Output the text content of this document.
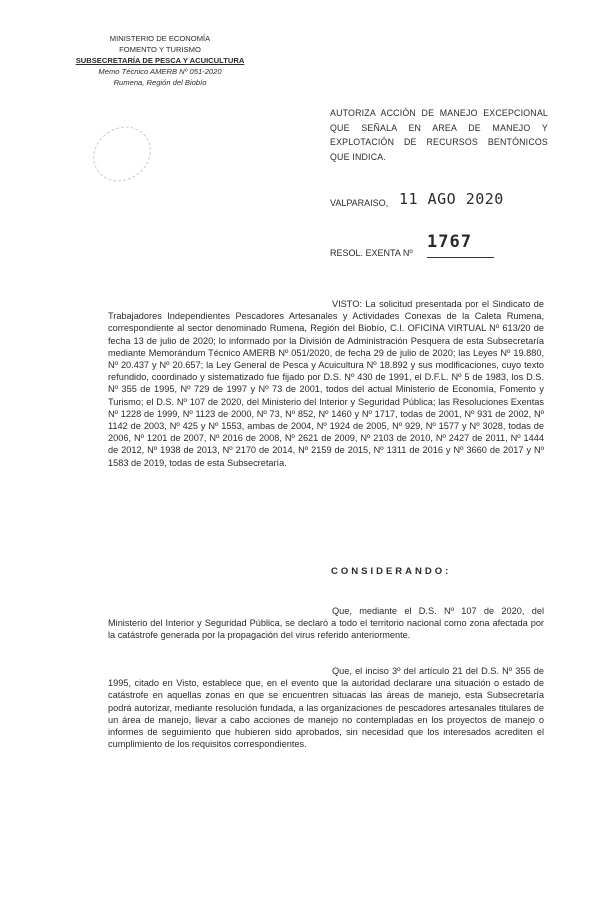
MINISTERIO DE ECONOMÍA
FOMENTO Y TURISMO
SUBSECRETARÍA DE PESCA Y ACUICULTURA
Memo Técnico AMERB Nº 051-2020
Rumena, Región del Biobío
AUTORIZA ACCIÓN DE MANEJO EXCEPCIONAL QUE SEÑALA EN AREA DE MANEJO Y EXPLOTACIÓN DE RECURSOS BENTÓNICOS QUE INDICA.
VALPARAISO, 11 AGO 2020
1767
RESOL. EXENTA Nº

VISTO: La solicitud presentada por el Sindicato de Trabajadores Independientes Pescadores Artesanales y Actividades Conexas de la Caleta Rumena, correspondiente al sector denominado Rumena, Región del Biobío, C.I. OFICINA VIRTUAL Nº 613/20 de fecha 13 de julio de 2020; lo informado por la División de Administración Pesquera de esta Subsecretaría mediante Memorándum Técnico AMERB Nº 051/2020, de fecha 29 de julio de 2020; las Leyes Nº 19.880, Nº 20.437 y Nº 20.657; la Ley General de Pesca y Acuicultura Nº 18.892 y sus modificaciones, cuyo texto refundido, coordinado y sistematizado fue fijado por D.S. Nº 430 de 1991, el D.F.L. Nº 5 de 1983, los D.S. Nº 355 de 1995, Nº 729 de 1997 y Nº 73 de 2001, todos del actual Ministerio de Economía, Fomento y Turismo; el D.S. Nº 107 de 2020, del Ministerio del Interior y Seguridad Pública; las Resoluciones Exentas Nº 1228 de 1999, Nº 1123 de 2000, Nº 73, Nº 852, Nº 1460 y Nº 1717, todas de 2001, Nº 931 de 2002, Nº 1142 de 2003, Nº 425 y Nº 1553, ambas de 2004, Nº 1924 de 2005, Nº 929, Nº 1577 y Nº 3028, todas de 2006, Nº 1201 de 2007, Nº 2016 de 2008, Nº 2621 de 2009, Nº 2103 de 2010, Nº 2427 de 2011, Nº 1444 de 2012, Nº 1938 de 2013, Nº 2170 de 2014, Nº 2159 de 2015, Nº 1311 de 2016 y Nº 3660 de 2017 y Nº 1583 de 2019, todas de esta Subsecretaría.

CONSIDERANDO:

Que, mediante el D.S. Nº 107 de 2020, del Ministerio del Interior y Seguridad Pública, se declaró a todo el territorio nacional como zona afectada por la catástrofe generada por la propagación del virus referido anteriormente.

Que, el inciso 3º del artículo 21 del D.S. Nº 355 de 1995, citado en Visto, establece que, en el evento que la autoridad declarare una situación o estado de catástrofe en aquellas zonas en que se encuentren situacas las áreas de manejo, esta Subsecretaría podrá autorizar, mediante resolución fundada, a las organizaciones de pescadores artesanales titulares de un área de manejo, llevar a cabo acciones de manejo no contempladas en los proyectos de manejo o informes de seguimiento que hubieren sido aprobados, sin necesidad que los interesados acrediten el cumplimiento de los requisitos correspondientes.
